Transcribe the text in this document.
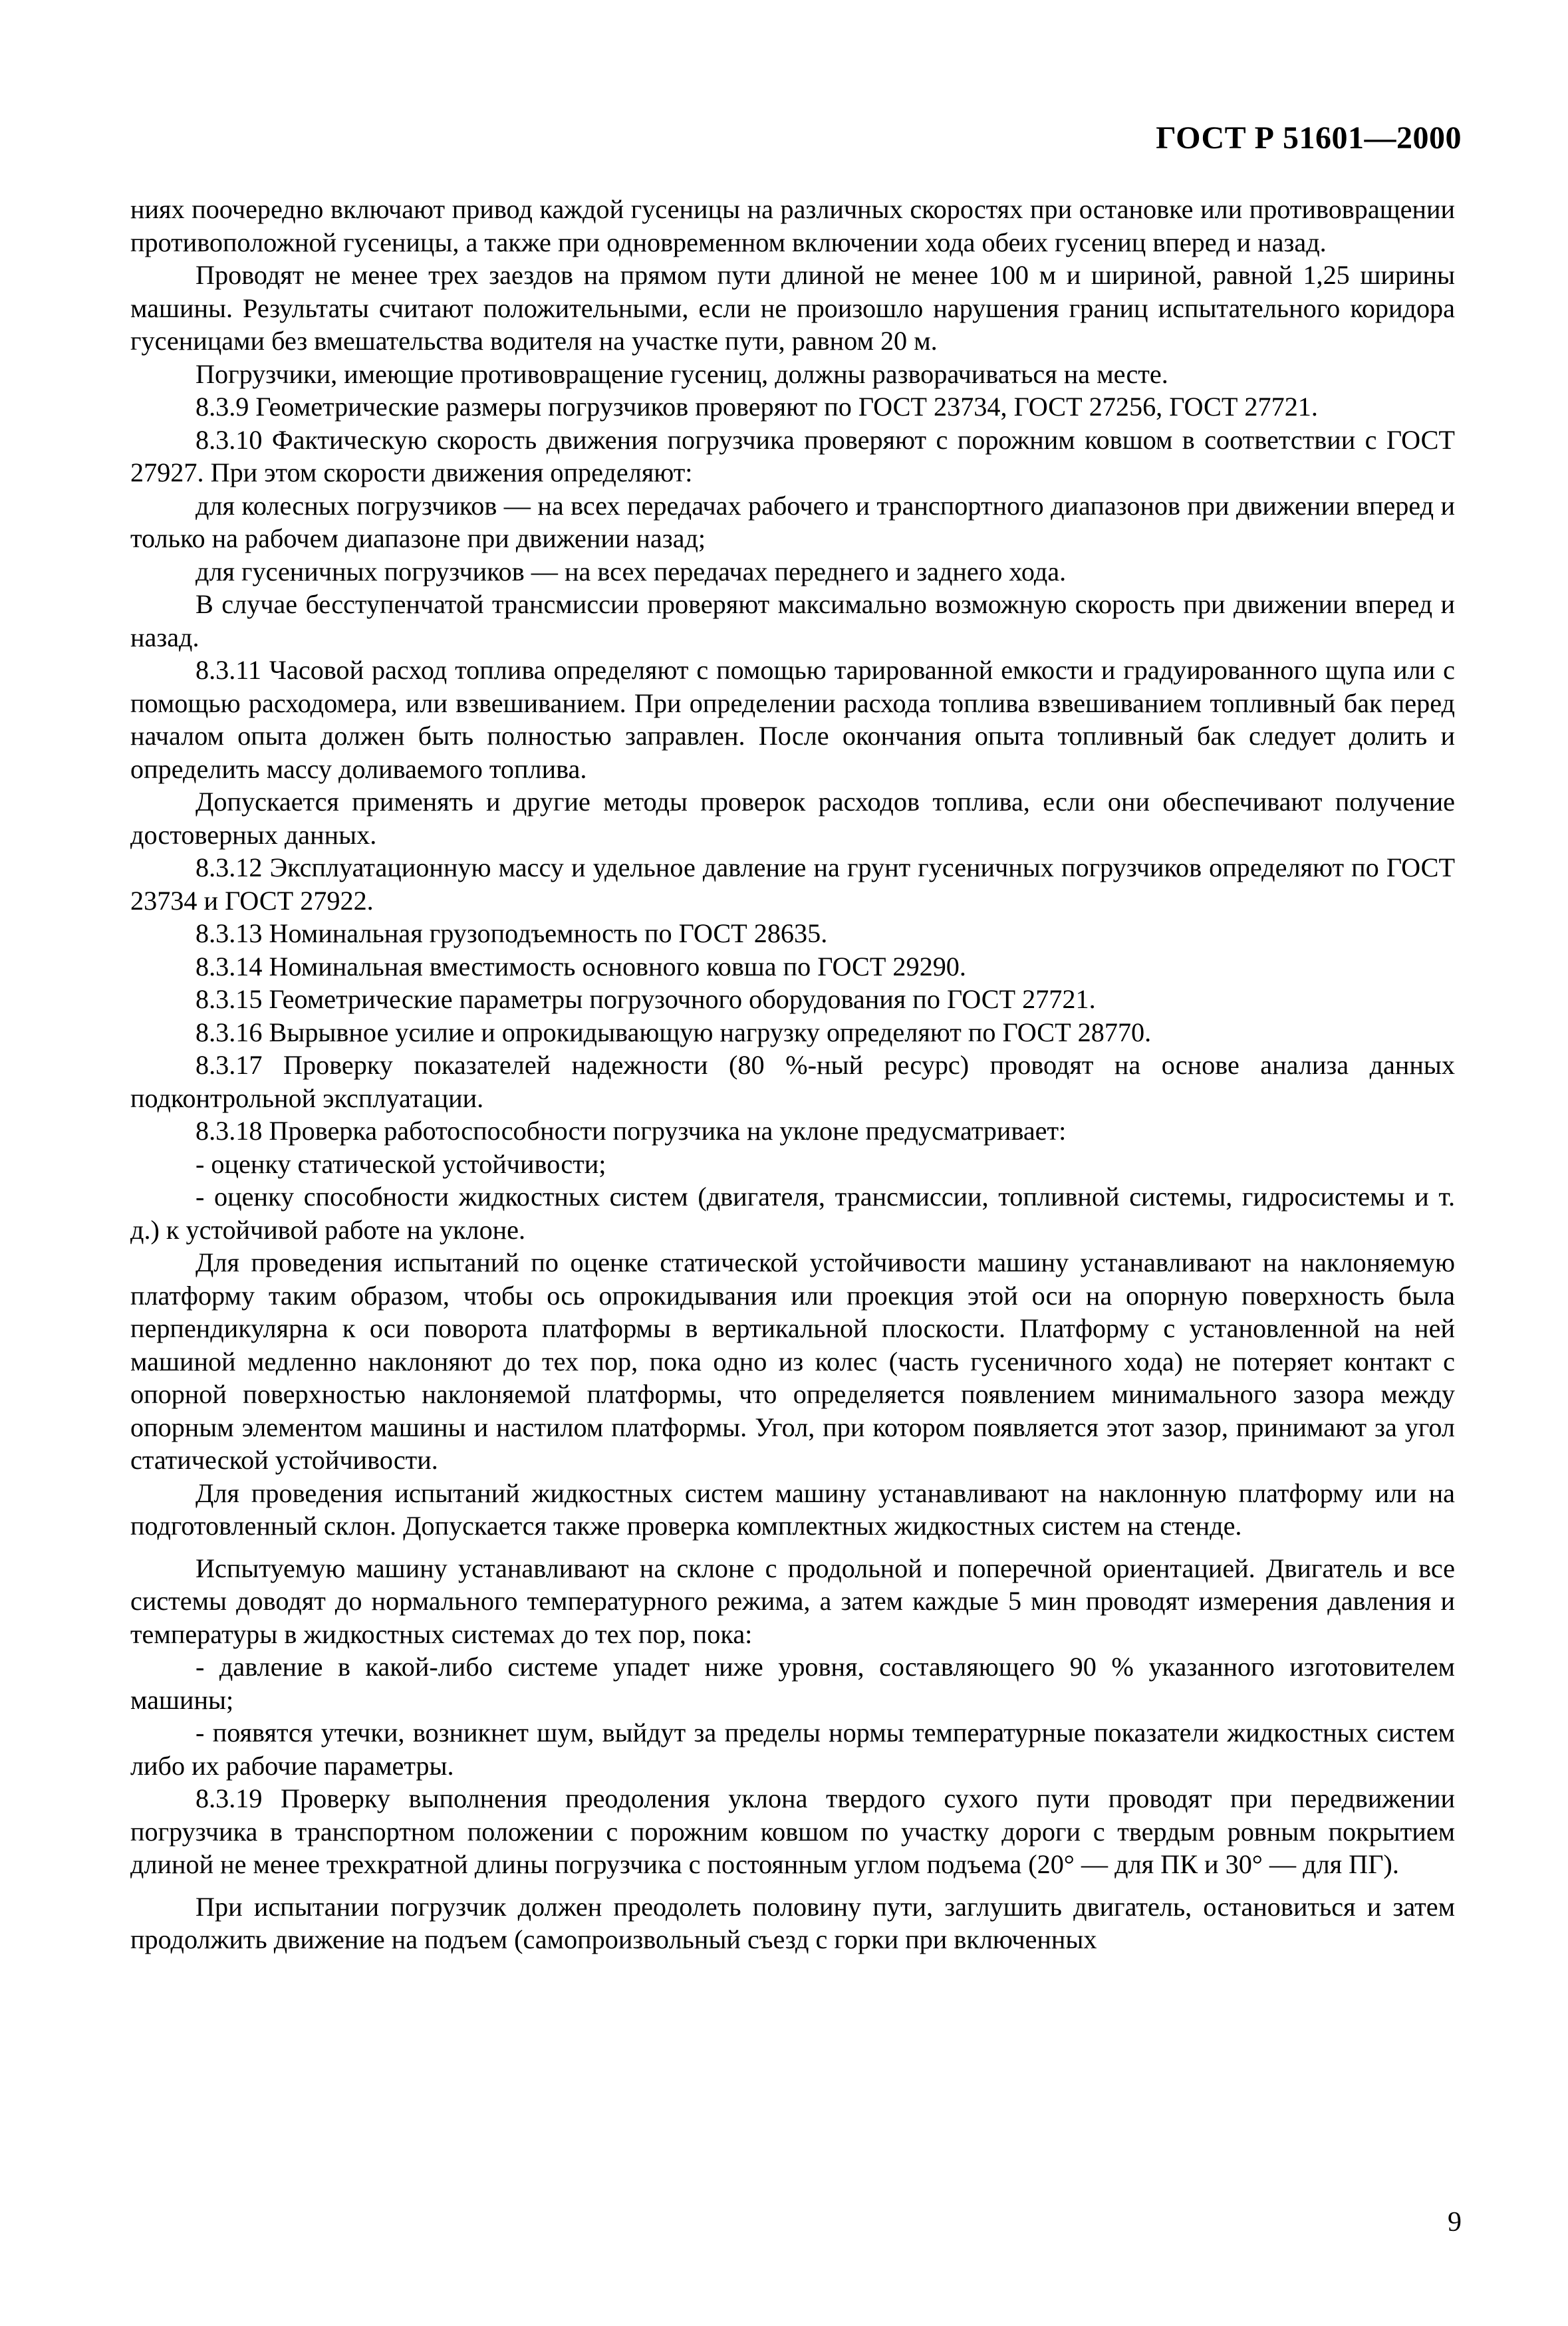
ГОСТ Р 51601—2000

ниях поочередно включают привод каждой гусеницы на различных скоростях при остановке или противовращении противоположной гусеницы, а также при одновременном включении хода обеих гусениц вперед и назад.

Проводят не менее трех заездов на прямом пути длиной не менее 100 м и шириной, равной 1,25 ширины машины. Результаты считают положительными, если не произошло нарушения границ испытательного коридора гусеницами без вмешательства водителя на участке пути, равном 20 м.

Погрузчики, имеющие противовращение гусениц, должны разворачиваться на месте.

8.3.9 Геометрические размеры погрузчиков проверяют по ГОСТ 23734, ГОСТ 27256, ГОСТ 27721.

8.3.10 Фактическую скорость движения погрузчика проверяют с порожним ковшом в соответствии с ГОСТ 27927. При этом скорости движения определяют:

для колесных погрузчиков — на всех передачах рабочего и транспортного диапазонов при движении вперед и только на рабочем диапазоне при движении назад;

для гусеничных погрузчиков — на всех передачах переднего и заднего хода.

В случае бесступенчатой трансмиссии проверяют максимально возможную скорость при движении вперед и назад.

8.3.11 Часовой расход топлива определяют с помощью тарированной емкости и градуированного щупа или с помощью расходомера, или взвешиванием. При определении расхода топлива взвешиванием топливный бак перед началом опыта должен быть полностью заправлен. После окончания опыта топливный бак следует долить и определить массу доливаемого топлива.

Допускается применять и другие методы проверок расходов топлива, если они обеспечивают получение достоверных данных.

8.3.12 Эксплуатационную массу и удельное давление на грунт гусеничных погрузчиков определяют по ГОСТ 23734 и ГОСТ 27922.

8.3.13 Номинальная грузоподъемность по ГОСТ 28635.

8.3.14 Номинальная вместимость основного ковша по ГОСТ 29290.

8.3.15 Геометрические параметры погрузочного оборудования по ГОСТ 27721.

8.3.16 Вырывное усилие и опрокидывающую нагрузку определяют по ГОСТ 28770.

8.3.17 Проверку показателей надежности (80 %-ный ресурс) проводят на основе анализа данных подконтрольной эксплуатации.

8.3.18 Проверка работоспособности погрузчика на уклоне предусматривает:

- оценку статической устойчивости;

- оценку способности жидкостных систем (двигателя, трансмиссии, топливной системы, гидросистемы и т. д.) к устойчивой работе на уклоне.

Для проведения испытаний по оценке статической устойчивости машину устанавливают на наклоняемую платформу таким образом, чтобы ось опрокидывания или проекция этой оси на опорную поверхность была перпендикулярна к оси поворота платформы в вертикальной плоскости. Платформу с установленной на ней машиной медленно наклоняют до тех пор, пока одно из колес (часть гусеничного хода) не потеряет контакт с опорной поверхностью наклоняемой платформы, что определяется появлением минимального зазора между опорным элементом машины и настилом платформы. Угол, при котором появляется этот зазор, принимают за угол статической устойчивости.

Для проведения испытаний жидкостных систем машину устанавливают на наклонную платформу или на подготовленный склон. Допускается также проверка комплектных жидкостных систем на стенде.

Испытуемую машину устанавливают на склоне с продольной и поперечной ориентацией. Двигатель и все системы доводят до нормального температурного режима, а затем каждые 5 мин проводят измерения давления и температуры в жидкостных системах до тех пор, пока:

- давление в какой-либо системе упадет ниже уровня, составляющего 90 % указанного изготовителем машины;

- появятся утечки, возникнет шум, выйдут за пределы нормы температурные показатели жидкостных систем либо их рабочие параметры.

8.3.19 Проверку выполнения преодоления уклона твердого сухого пути проводят при передвижении погрузчика в транспортном положении с порожним ковшом по участку дороги с твердым ровным покрытием длиной не менее трехкратной длины погрузчика с постоянным углом подъема (20° — для ПК и 30° — для ПГ).

При испытании погрузчик должен преодолеть половину пути, заглушить двигатель, остановиться и затем продолжить движение на подъем (самопроизвольный съезд с горки при включенных

9
